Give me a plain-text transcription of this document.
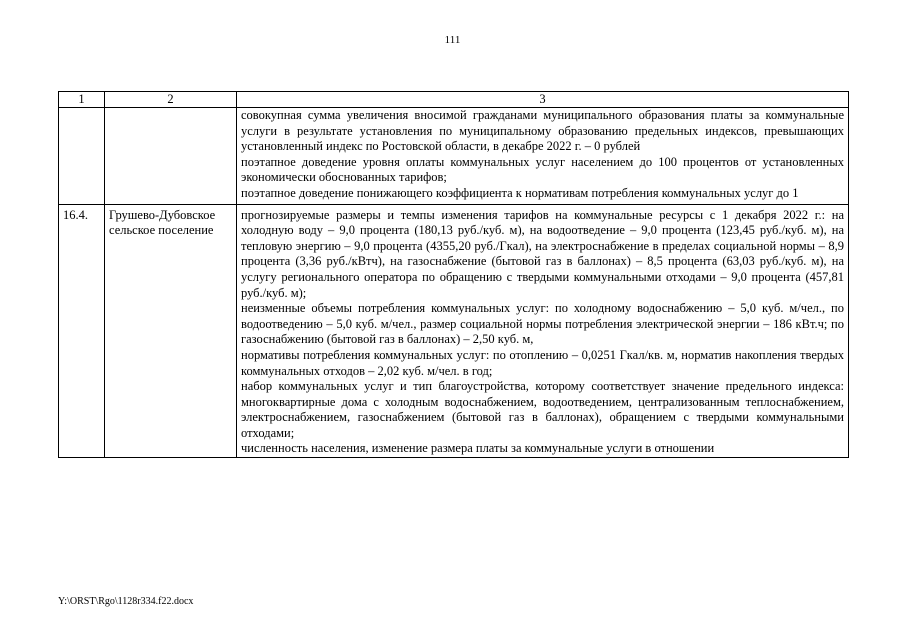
111
1	2	3

		совокупная сумма увеличения вносимой гражданами муниципального образования платы за коммунальные услуги в результате установления по муниципальному образованию предельных индексов, превышающих установленный индекс по Ростовской области, в декабре 2022 г. – 0 рублей
поэтапное доведение уровня оплаты коммунальных услуг населением до 100 процентов от установленных экономически обоснованных тарифов;
поэтапное доведение понижающего коэффициента к нормативам потребления коммунальных услуг до 1

16.4.	Грушево-Дубовское сельское поселение	прогнозируемые размеры и темпы изменения тарифов на коммунальные ресурсы с 1 декабря 2022 г.: на холодную воду – 9,0 процента (180,13 руб./куб. м), на водоотведение – 9,0 процента (123,45 руб./куб. м), на тепловую энергию – 9,0 процента (4355,20 руб./Гкал), на электроснабжение в пределах социальной нормы – 8,9 процента (3,36 руб./кВтч), на газоснабжение (бытовой газ в баллонах) – 8,5 процента (63,03 руб./куб. м), на услугу регионального оператора по обращению с твердыми коммунальными отходами – 9,0 процента (457,81 руб./куб. м);
неизменные объемы потребления коммунальных услуг: по холодному водоснабжению – 5,0 куб. м/чел., по водоотведению – 5,0 куб. м/чел., размер социальной нормы потребления электрической энергии – 186 кВт.ч; по газоснабжению (бытовой газ в баллонах) – 2,50 куб. м,
нормативы потребления коммунальных услуг: по отоплению – 0,0251 Гкал/кв. м, норматив накопления твердых коммунальных отходов – 2,02 куб. м/чел. в год;
набор коммунальных услуг и тип благоустройства, которому соответствует значение предельного индекса: многоквартирные дома с холодным водоснабжением, водоотведением, централизованным теплоснабжением, электроснабжением, газоснабжением (бытовой газ в баллонах), обращением с твердыми коммунальными отходами;
численность населения, изменение размера платы за коммунальные услуги в отношении
Y:\ORST\Rgo\1128r334.f22.docx
